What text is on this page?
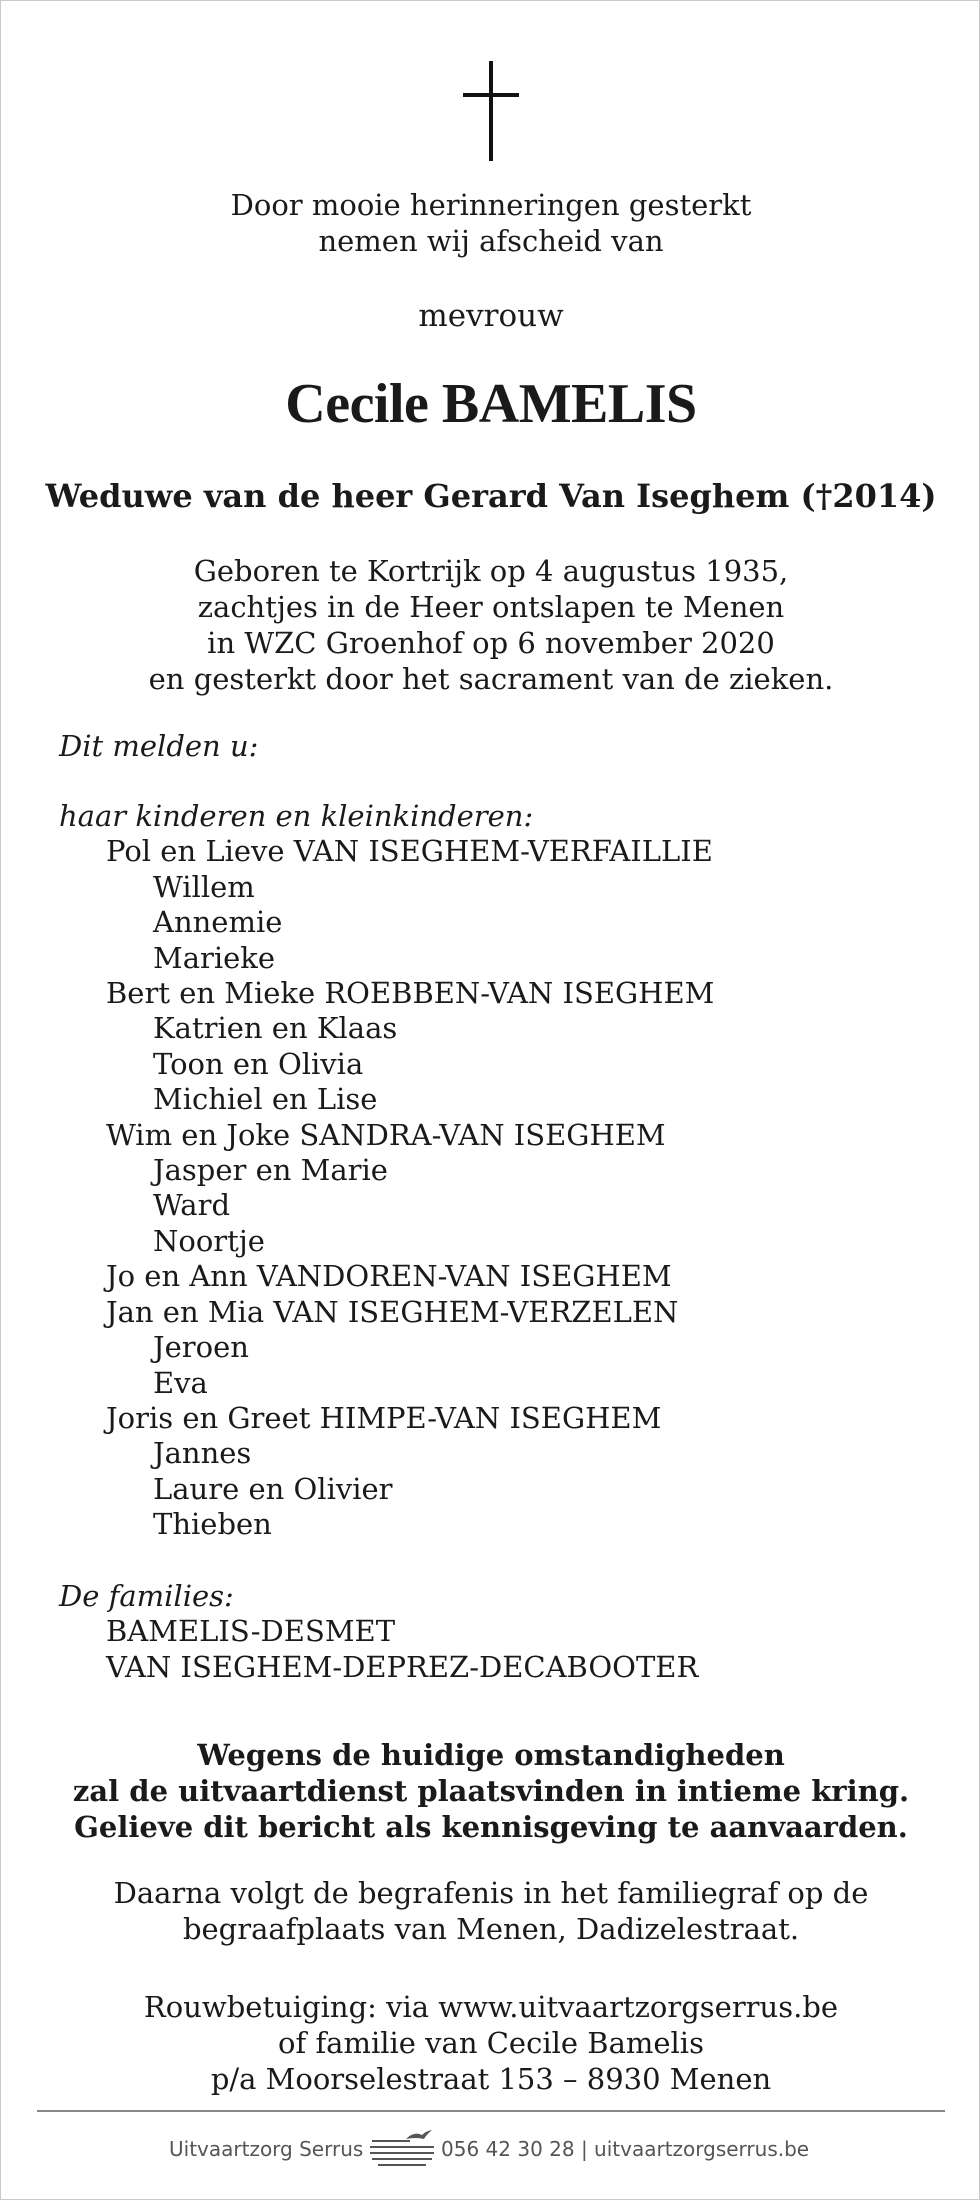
Door mooie herinneringen gesterkt
nemen wij afscheid van
mevrouw
Cecile BAMELIS
Weduwe van de heer Gerard Van Iseghem (†2014)
Geboren te Kortrijk op 4 augustus 1935,
zachtjes in de Heer ontslapen te Menen
in WZC Groenhof op 6 november 2020
en gesterkt door het sacrament van de zieken.
Dit melden u:
haar kinderen en kleinkinderen:
Pol en Lieve VAN ISEGHEM-VERFAILLIE
Willem
Annemie
Marieke
Bert en Mieke ROEBBEN-VAN ISEGHEM
Katrien en Klaas
Toon en Olivia
Michiel en Lise
Wim en Joke SANDRA-VAN ISEGHEM
Jasper en Marie
Ward
Noortje
Jo en Ann VANDOREN-VAN ISEGHEM
Jan en Mia VAN ISEGHEM-VERZELEN
Jeroen
Eva
Joris en Greet HIMPE-VAN ISEGHEM
Jannes
Laure en Olivier
Thieben
De families:
BAMELIS-DESMET
VAN ISEGHEM-DEPREZ-DECABOOTER
Wegens de huidige omstandigheden
zal de uitvaartdienst plaatsvinden in intieme kring.
Gelieve dit bericht als kennisgeving te aanvaarden.
Daarna volgt de begrafenis in het familiegraf op de
begraafplaats van Menen, Dadizelestraat.
Rouwbetuiging: via www.uitvaartzorgserrus.be
of familie van Cecile Bamelis
p/a Moorselestraat 153 – 8930 Menen
Uitvaartzorg Serrus	056 42 30 28 | uitvaartzorgserrus.be
